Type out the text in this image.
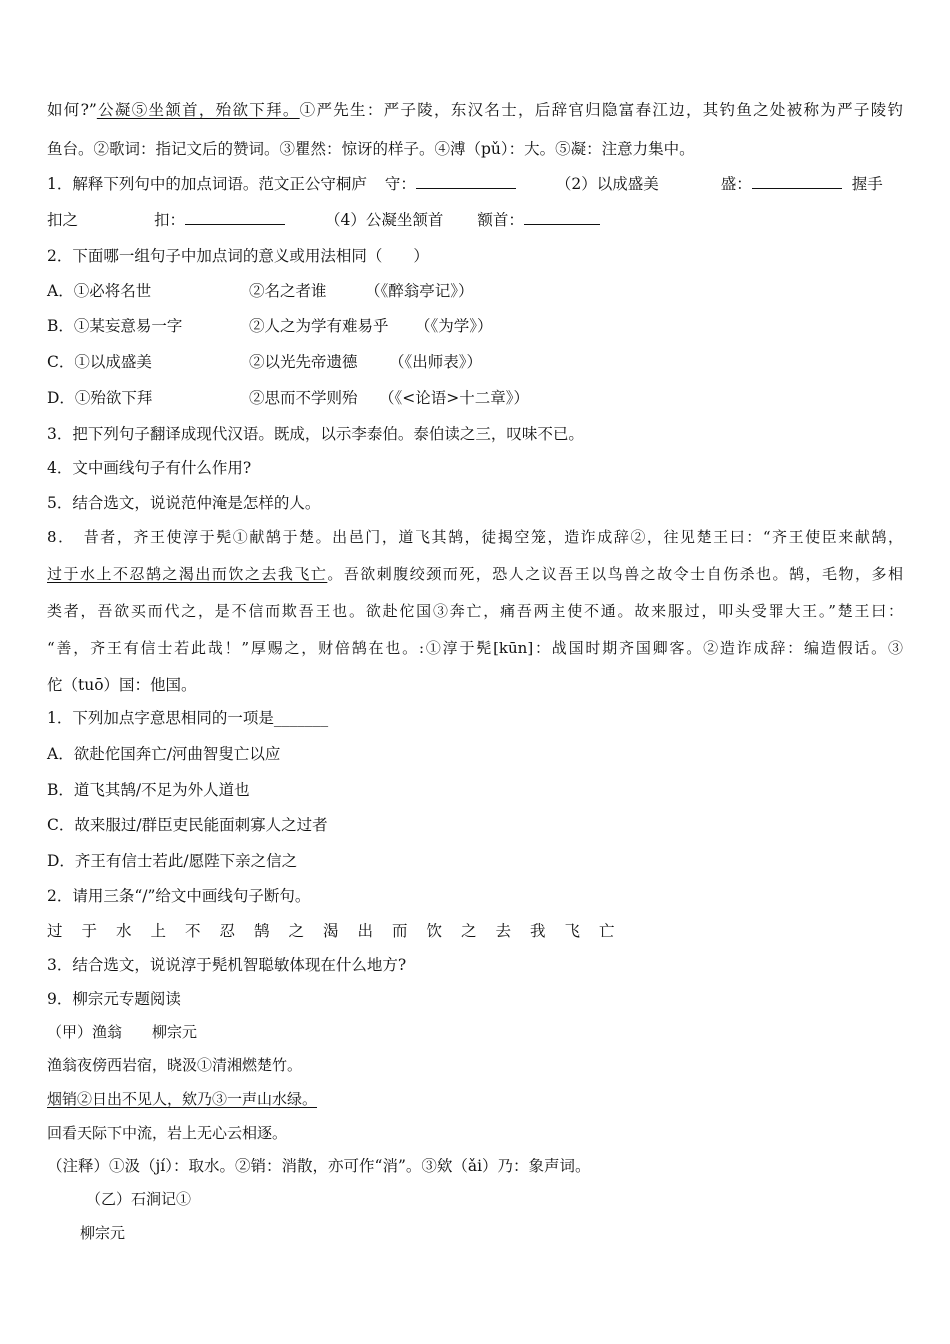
如何?”公凝⑤坐颔首，殆欲下拜。①严先生：严子陵，东汉名士，后辞官归隐富春江边，其钓鱼之处被称为严子陵钓
鱼台。②歌词：指记文后的赞词。③瞿然：惊讶的样子。④溥（pǔ）：大。⑤凝：注意力集中。
1．解释下列句中的加点词语。范文正公守桐庐 守：	（2）以成盛美	盛：	握手
扣之	扣：	（4）公凝坐颔首 额首：
2．下面哪一组句子中加点词的意义或用法相同（　　）
A．①必将名世	②名之者谁 （《醉翁亭记》）
B．①某妄意易一字	②人之为学有难易乎 （《为学》）
C．①以成盛美	②以光先帝遗德 （《出师表》）
D．①殆欲下拜	②思而不学则殆 （《<论语>十二章》）
3．把下列句子翻译成现代汉语。既成，以示李泰伯。泰伯读之三，叹味不已。
4．文中画线句子有什么作用?
5．结合选文，说说范仲淹是怎样的人。
8．　昔者，齐王使淳于髡①献鹄于楚。出邑门，道飞其鹄，徒揭空笼，造诈成辞②，往见楚王曰：“齐王使臣来献鹄，
过于水上不忍鹄之渴出而饮之去我飞亡。吾欲刺腹绞颈而死，恐人之议吾王以鸟兽之故令士自伤杀也。鹄，毛物，多相
类者，吾欲买而代之，是不信而欺吾王也。欲赴佗国③奔亡，痛吾两主使不通。故来服过，叩头受罪大王。”楚王曰：
“善，齐王有信士若此哉！”厚赐之，财倍鹄在也。:①淳于髡[kūn]：战国时期齐国卿客。②造诈成辞：编造假话。③
佗（tuō）国：他国。
1．下列加点字意思相同的一项是_______
A．欲赴佗国奔亡/河曲智叟亡以应
B．道飞其鹄/不足为外人道也
C．故来服过/群臣吏民能面刺寡人之过者
D．齐王有信士若此/愿陛下亲之信之
2．请用三条“/”给文中画线句子断句。
过于水上不忍鹄之渴出而饮之去我飞亡
3．结合选文，说说淳于髡机智聪敏体现在什么地方?
9．柳宗元专题阅读
（甲）渔翁　　柳宗元
渔翁夜傍西岩宿，晓汲①清湘燃楚竹。
烟销②日出不见人，欸乃③一声山水绿。
回看天际下中流，岩上无心云相逐。
（注释）①汲（jí）：取水。②销：消散，亦可作“消”。③欸（ǎi）乃：象声词。
（乙）石涧记①
柳宗元
